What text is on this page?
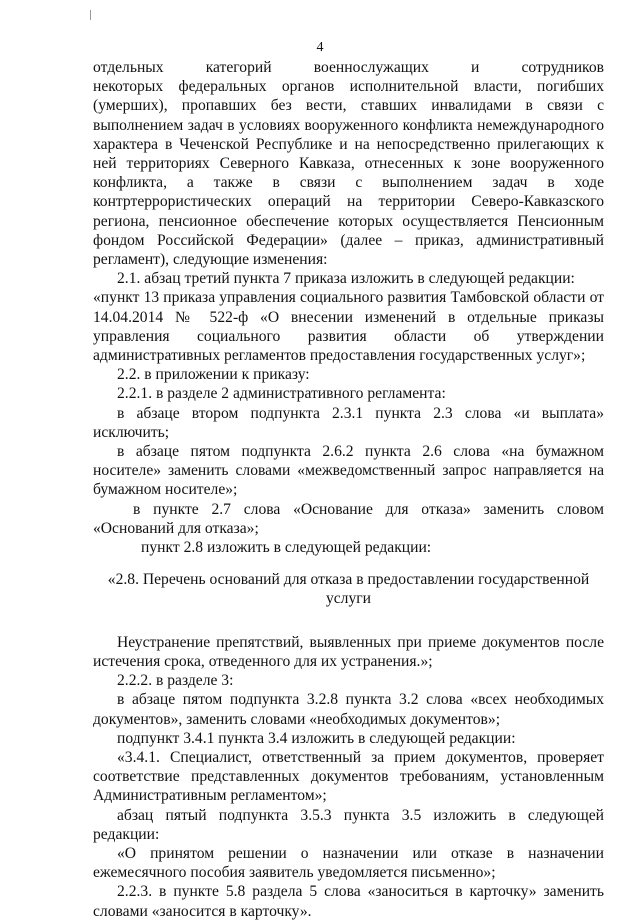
4

отдельных категорий военнослужащих и сотрудников

некоторых федеральных органов исполнительной власти, погибших (умерших), пропавших без вести, ставших инвалидами в связи с выполнением задач в условиях вооруженного конфликта немеждународного характера в Чеченской Республике и на непосредственно прилегающих к ней территориях Северного Кавказа, отнесенных к зоне вооруженного конфликта, а также в связи с выполнением задач в ходе контртеррористических операций на территории Северо-Кавказского региона, пенсионное обеспечение которых осуществляется Пенсионным фондом Российской Федерации» (далее – приказ, административный регламент), следующие изменения:

2.1. абзац третий пункта 7 приказа изложить в следующей редакции:

«пункт 13 приказа управления социального развития Тамбовской области от 14.04.2014 № 522-ф «О внесении изменений в отдельные приказы управления социального развития области об утверждении административных регламентов предоставления государственных услуг»;

2.2. в приложении к приказу:

2.2.1. в разделе 2 административного регламента:

в абзаце втором подпункта 2.3.1 пункта 2.3 слова «и выплата» исключить;

в абзаце пятом подпункта 2.6.2 пункта 2.6 слова «на бумажном носителе» заменить словами «межведомственный запрос направляется на бумажном носителе»;

в пункте 2.7 слова «Основание для отказа» заменить словом «Оснований для отказа»;

пункт 2.8 изложить в следующей редакции:

«2.8. Перечень оснований для отказа в предоставлении государственной услуги

Неустранение препятствий, выявленных при приеме документов после истечения срока, отведенного для их устранения.»;

2.2.2. в разделе 3:

в абзаце пятом подпункта 3.2.8 пункта 3.2 слова «всех необходимых документов», заменить словами «необходимых документов»;

подпункт 3.4.1 пункта 3.4 изложить в следующей редакции:

«3.4.1. Специалист, ответственный за прием документов, проверяет соответствие представленных документов требованиям, установленным Административным регламентом»;

абзац пятый подпункта 3.5.3 пункта 3.5 изложить в следующей редакции:

«О принятом решении о назначении или отказе в назначении ежемесячного пособия заявитель уведомляется письменно»;

2.2.3. в пункте 5.8 раздела 5 слова «заноситься в карточку» заменить словами «заносится в карточку».
